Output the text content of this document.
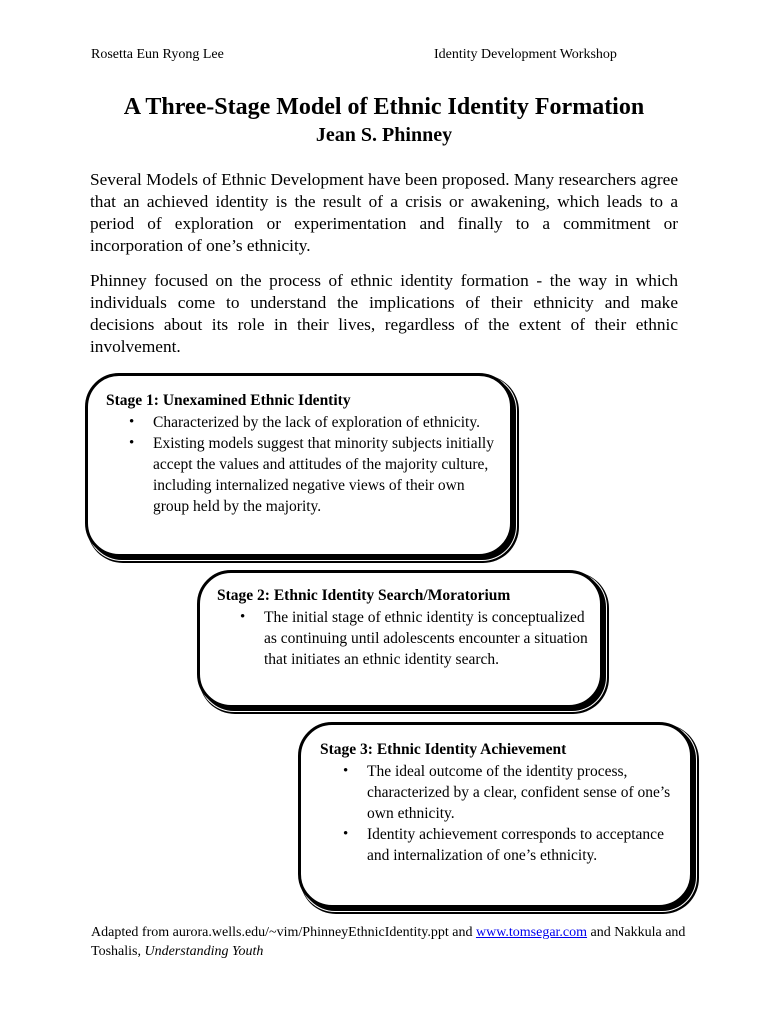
Rosetta Eun Ryong Lee	Identity Development Workshop
A Three-Stage Model of Ethnic Identity Formation
Jean S. Phinney

Several Models of Ethnic Development have been proposed. Many researchers agree that an achieved identity is the result of a crisis or awakening, which leads to a period of exploration or experimentation and finally to a commitment or incorporation of one’s ethnicity.

Phinney focused on the process of ethnic identity formation - the way in which individuals come to understand the implications of their ethnicity and make decisions about its role in their lives, regardless of the extent of their ethnic involvement.

Stage 1: Unexamined Ethnic Identity
• Characterized by the lack of exploration of ethnicity.
• Existing models suggest that minority subjects initially accept the values and attitudes of the majority culture, including internalized negative views of their own group held by the majority.
Stage 2: Ethnic Identity Search/Moratorium
• The initial stage of ethnic identity is conceptualized as continuing until adolescents encounter a situation that initiates an ethnic identity search.
Stage 3: Ethnic Identity Achievement
• The ideal outcome of the identity process, characterized by a clear, confident sense of one’s own ethnicity.
• Identity achievement corresponds to acceptance and internalization of one’s ethnicity.

Adapted from aurora.wells.edu/~vim/PhinneyEthnicIdentity.ppt and www.tomsegar.com and Nakkula and Toshalis, Understanding Youth
